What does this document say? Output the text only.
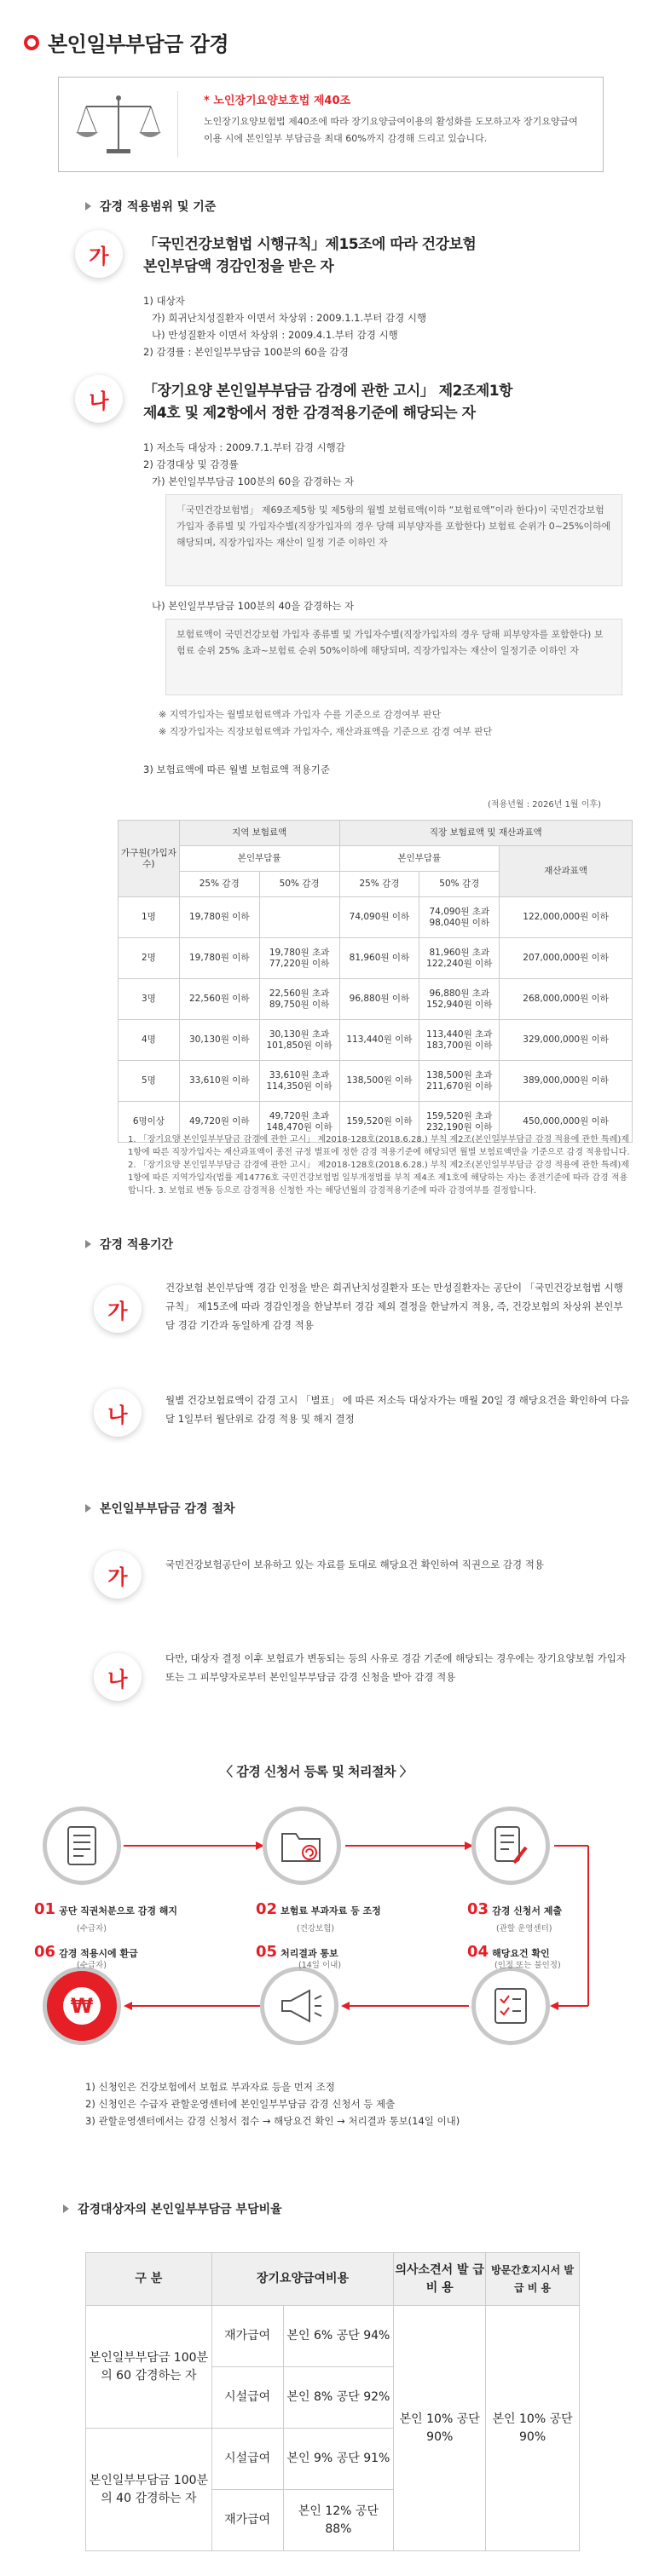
본인일부부담금 감경
* 노인장기요양보호법 제40조
노인장기요양보험법 제40조에 따라 장기요양급여이용의 활성화를 도모하고자 장기요양급여이용 시에 본인일부 부담금을 최대 60%까지 감경해 드리고 있습니다.
감경 적용범위 및 기준
가	「국민건강보험법 시행규칙」제15조에 따라 건강보험
본인부담액 경감인정을 받은 자
1) 대상자
가) 희귀난치성질환자 이면서 차상위 : 2009.1.1.부터 감경 시행
나) 만성질환자 이면서 차상위 : 2009.4.1.부터 감경 시행
2) 감경률 : 본인일부부담금 100분의 60을 감경
나	「장기요양 본인일부부담금 감경에 관한 고시」 제2조제1항
제4호 및 제2항에서 정한 감경적용기준에 해당되는 자
1) 저소득 대상자 : 2009.7.1.부터 감경 시행감
2) 감경대상 및 감경률
가) 본인일부부담금 100분의 60을 감경하는 자
「국민건강보험법」 제69조제5항 및 제5항의 월별 보험료액(이하 “보험료액”이라 한다)이 국민건강보험 가입자 종류별 및 가입자수별(직장가입자의 경우 당해 피부양자를 포함한다) 보험료 순위가 0~25%이하에 해당되며, 직장가입자는 재산이 일정 기준 이하인 자
나) 본인일부부담금 100분의 40을 감경하는 자
보험료액이 국민건강보험 가입자 종류별 및 가입자수별(직장가입자의 경우 당해 피부양자를 포함한다) 보험료 순위 25% 초과~보험료 순위 50%이하에 해당되며, 직장가입자는 재산이 일정기준 이하인 자
※ 지역가입자는 월별보험료액과 가입자 수를 기준으로 감경여부 판단
※ 직장가입자는 직장보험료액과 가입자수, 재산과표액을 기준으로 감경 여부 판단
3) 보험료액에 따른 월별 보험료액 적용기준
(적용년월 : 2026년 1월 이후)
가구원(가입자수)	지역 보험료액		직장 보험료액 및 재산과표액		
	본인부담률		본인부담률		재산과표액
	25% 감경	50% 감경	25% 감경	50% 감경	
1명	19,780원 이하		74,090원 이하	74,090원 초과 98,040원 이하	122,000,000원 이하
2명	19,780원 이하	19,780원 초과 77,220원 이하	81,960원 이하	81,960원 초과 122,240원 이하	207,000,000원 이하
3명	22,560원 이하	22,560원 초과 89,750원 이하	96,880원 이하	96,880원 초과 152,940원 이하	268,000,000원 이하
4명	30,130원 이하	30,130원 초과 101,850원 이하	113,440원 이하	113,440원 초과 183,700원 이하	329,000,000원 이하
5명	33,610원 이하	33,610원 초과 114,350원 이하	138,500원 이하	138,500원 초과 211,670원 이하	389,000,000원 이하
6명이상	49,720원 이하	49,720원 초과 148,470원 이하	159,520원 이하	159,520원 초과 232,190원 이하	450,000,000원 이하
1. 「장기요양 본인일부부담금 감경에 관한 고시」 제2018-128호(2018.6.28.) 부칙 제2조(본인일부부담금 감경 적용에 관한 특례)제1항에 따른 직장가입자는 재산과표액이 종전 규정 별표에 정한 감경 적용기준에 해당되면 월별 보험료액만을 기준으로 감경 적용합니다. 2. 「장기요양 본인일부부담금 감경에 관한 고시」 제2018-128호(2018.6.28.) 부칙 제2조(본인일부부담금 감경 적용에 관한 특례)제1항에 따른 지역가입자(법률 제14776호 국민건강보험법 일부개정법률 부칙 제4조 제1호에 해당하는 자)는 종전기준에 따라 감경 적용합니다. 3. 보험료 변동 등으로 감경적용 신청한 자는 해당년월의 감경적용기준에 따라 감경여부를 결정합니다.
감경 적용기간
가
건강보험 본인부담액 경감 인정을 받은 희귀난치성질환자 또는 만성질환자는 공단이 「국민건강보험법 시행 규칙」 제15조에 따라 경감인정을 한날부터 경감 제외 결정을 한날까지 적용, 즉, 건강보험의 차상위 본인부담 경감 기간과 동일하게 감경 적용
나
월별 건강보험료액이 감경 고시 「별표」 에 따른 저소득 대상자가는 매월 20일 경 해당요건을 확인하여 다음달 1일부터 월단위로 감경 적용 및 해지 결정
본인일부부담금 감경 절차
가
국민건강보험공단이 보유하고 있는 자료를 토대로 해당요건 확인하여 직권으로 감경 적용
나
다만, 대상자 결정 이후 보험료가 변동되는 등의 사유로 경감 기준에 해당되는 경우에는 장기요양보험 가입자 또는 그 피부양자로부터 본인일부부담금 감경 신청을 받아 감경 적용
〈 감경 신청서 등록 및 처리절차 〉
₩
01 공단 직권처분으로 감경 해지
(수급자)
02 보험료 부과자료 등 조정
(건강보험)
03 감경 신청서 제출
(관할 운영센터)
04 해당요건 확인
(인정 또는 불인정)
05 처리결과 통보
(14일 이내)
06 감경 적용시에 환급
(수급자)
1) 신청인은 건강보험에서 보험료 부과자료 등을 먼저 조정
2) 신청인은 수급자 관할운영센터에 본인일부부담금 감경 신청서 등 제출
3) 관할운영센터에서는 감경 신청서 접수 → 해당요건 확인 → 처리결과 통보(14일 이내)
감경대상자의 본인일부부담금 부담비율
구 분	장기요양급여비용		의사소견서 발 급 비 용	방문간호지시서 발 급 비 용
본인일부부담금 100분의 60 감경하는 자	재가급여	본인 6% 공단 94%	본인 10% 공단 90%	본인 10% 공단 90%
	시설급여	본인 8% 공단 92%		
본인일부부담금 100분의 40 감경하는 자	시설급여	본인 9% 공단 91%		
	재가급여	본인 12% 공단 88%		
